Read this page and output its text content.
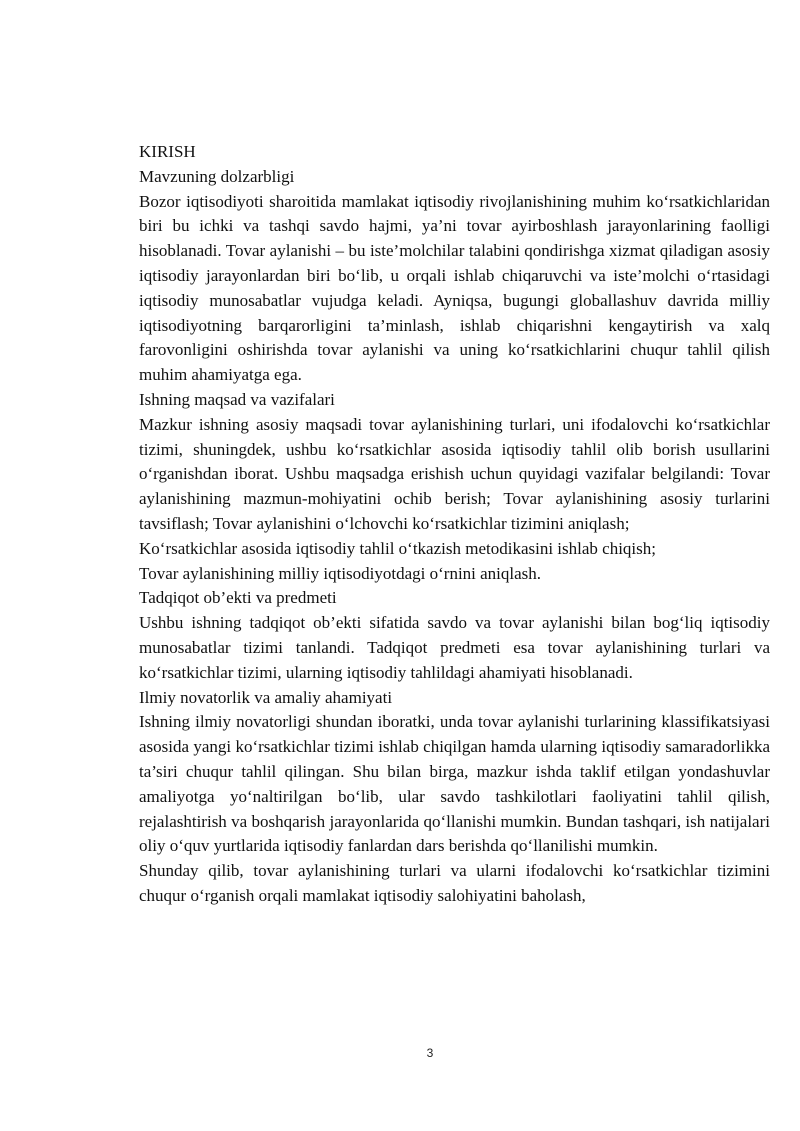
KIRISH

Mavzuning dolzarbligi

Bozor iqtisodiyoti sharoitida mamlakat iqtisodiy rivojlanishining muhim ko‘rsatkichlaridan biri bu ichki va tashqi savdo hajmi, ya’ni tovar ayirboshlash jarayonlarining faolligi hisoblanadi. Tovar aylanishi – bu iste’molchilar talabini qondirishga xizmat qiladigan asosiy iqtisodiy jarayonlardan biri bo‘lib, u orqali ishlab chiqaruvchi va iste’molchi o‘rtasidagi iqtisodiy munosabatlar vujudga keladi. Ayniqsa, bugungi globallashuv davrida milliy iqtisodiyotning barqarorligini ta’minlash, ishlab chiqarishni kengaytirish va xalq farovonligini oshirishda tovar aylanishi va uning ko‘rsatkichlarini chuqur tahlil qilish muhim ahamiyatga ega.

Ishning maqsad va vazifalari

Mazkur ishning asosiy maqsadi tovar aylanishining turlari, uni ifodalovchi ko‘rsatkichlar tizimi, shuningdek, ushbu ko‘rsatkichlar asosida iqtisodiy tahlil olib borish usullarini o‘rganishdan iborat. Ushbu maqsadga erishish uchun quyidagi vazifalar belgilandi: Tovar aylanishining mazmun-mohiyatini ochib berish; Tovar aylanishining asosiy turlarini tavsiflash; Tovar aylanishini o‘lchovchi ko‘rsatkichlar tizimini aniqlash;

Ko‘rsatkichlar asosida iqtisodiy tahlil o‘tkazish metodikasini ishlab chiqish;

Tovar aylanishining milliy iqtisodiyotdagi o‘rnini aniqlash.

Tadqiqot ob’ekti va predmeti

Ushbu ishning tadqiqot ob’ekti sifatida savdo va tovar aylanishi bilan bog‘liq iqtisodiy munosabatlar tizimi tanlandi. Tadqiqot predmeti esa tovar aylanishining turlari va ko‘rsatkichlar tizimi, ularning iqtisodiy tahlildagi ahamiyati hisoblanadi.

Ilmiy novatorlik va amaliy ahamiyati

Ishning ilmiy novatorligi shundan iboratki, unda tovar aylanishi turlarining klassifikatsiyasi asosida yangi ko‘rsatkichlar tizimi ishlab chiqilgan hamda ularning iqtisodiy samaradorlikka ta’siri chuqur tahlil qilingan. Shu bilan birga, mazkur ishda taklif etilgan yondashuvlar amaliyotga yo‘naltirilgan bo‘lib, ular savdo tashkilotlari faoliyatini tahlil qilish, rejalashtirish va boshqarish jarayonlarida qo‘llanishi mumkin. Bundan tashqari, ish natijalari oliy o‘quv yurtlarida iqtisodiy fanlardan dars berishda qo‘llanilishi mumkin.

Shunday qilib, tovar aylanishining turlari va ularni ifodalovchi ko‘rsatkichlar tizimini chuqur o‘rganish orqali mamlakat iqtisodiy salohiyatini baholash,

3
